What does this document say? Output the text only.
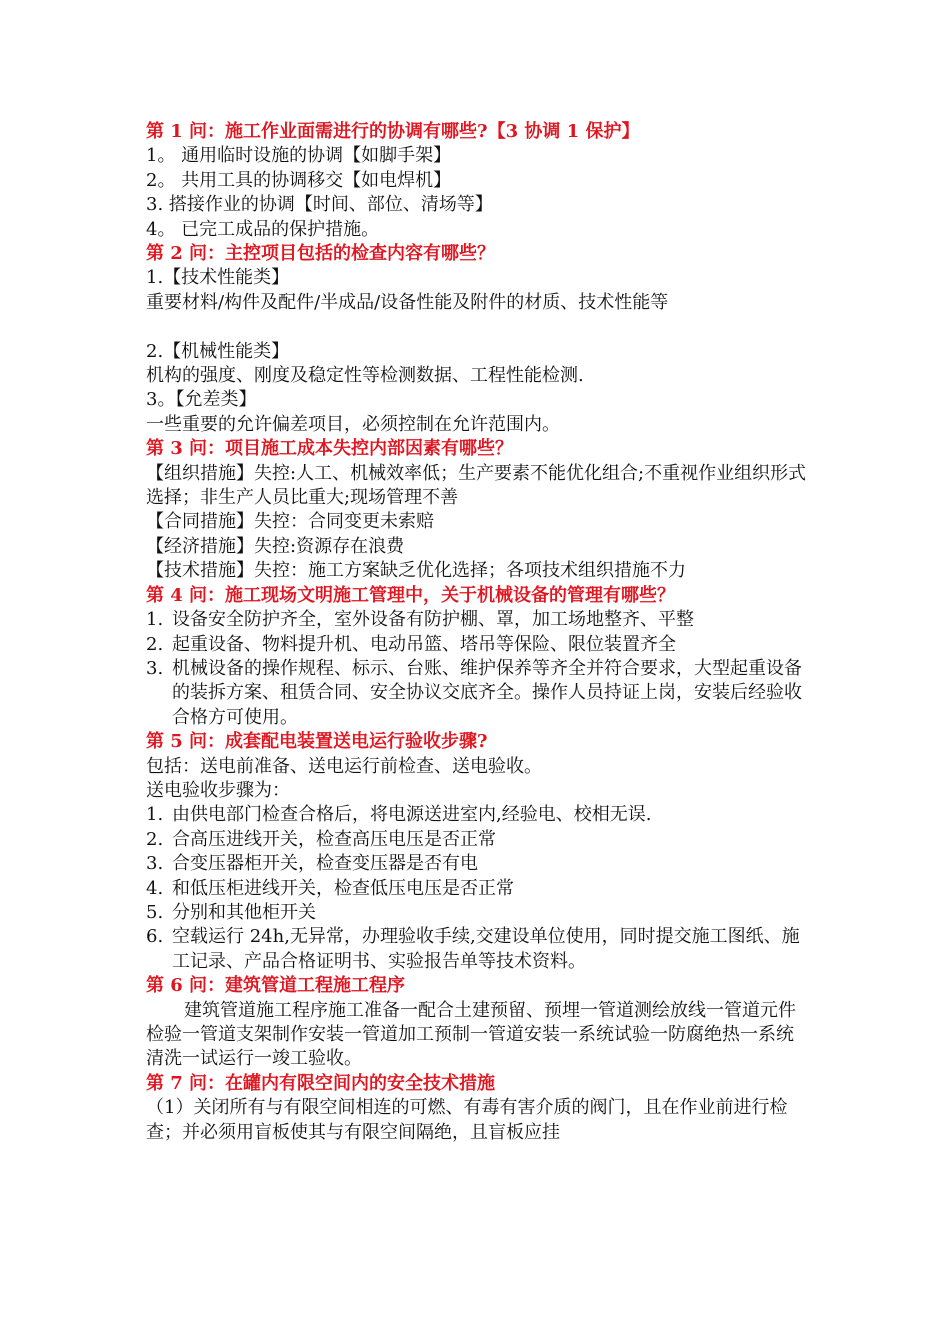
第 1 问：施工作业面需进行的协调有哪些?【3 协调 1 保护】

1。 通用临时设施的协调【如脚手架】

2。 共用工具的协调移交【如电焊机】

3. 搭接作业的协调【时间、部位、清场等】

4。 已完工成品的保护措施。

第 2 问：主控项目包括的检查内容有哪些？

1.【技术性能类】

重要材料/构件及配件/半成品/设备性能及附件的材质、技术性能等

2.【机械性能类】

机构的强度、刚度及稳定性等检测数据、工程性能检测.

3。【允差类】

一些重要的允许偏差项目，必须控制在允许范围内。

第 3 问：项目施工成本失控内部因素有哪些？

【组织措施】失控:人工、机械效率低；生产要素不能优化组合;不重视作业组织形式选择；非生产人员比重大;现场管理不善

【合同措施】失控：合同变更未索赔

【经济措施】失控:资源存在浪费

【技术措施】失控：施工方案缺乏优化选择；各项技术组织措施不力

第 4 问：施工现场文明施工管理中，关于机械设备的管理有哪些？

1. 设备安全防护齐全，室外设备有防护棚、罩，加工场地整齐、平整
2. 起重设备、物料提升机、电动吊篮、塔吊等保险、限位装置齐全
3. 机械设备的操作规程、标示、台账、维护保养等齐全并符合要求，大型起重设备的装拆方案、租赁合同、安全协议交底齐全。操作人员持证上岗，安装后经验收合格方可使用。

第 5 问：成套配电装置送电运行验收步骤?

包括：送电前准备、送电运行前检查、送电验收。

送电验收步骤为：

1. 由供电部门检查合格后，将电源送进室内,经验电、校相无误.
2. 合高压进线开关，检查高压电压是否正常
3. 合变压器柜开关，检查变压器是否有电
4. 和低压柜进线开关，检查低压电压是否正常
5. 分别和其他柜开关
6. 空载运行 24h,无异常，办理验收手续,交建设单位使用，同时提交施工图纸、施工记录、产品合格证明书、实验报告单等技术资料。

第 6 问：建筑管道工程施工程序

建筑管道施工程序施工准备一配合土建预留、预埋一管道测绘放线一管道元件检验一管道支架制作安装一管道加工预制一管道安装一系统试验一防腐绝热一系统清洗一试运行一竣工验收。

第 7 问：在罐内有限空间内的安全技术措施

（1）关闭所有与有限空间相连的可燃、有毒有害介质的阀门，且在作业前进行检查；并必须用盲板使其与有限空间隔绝，且盲板应挂
